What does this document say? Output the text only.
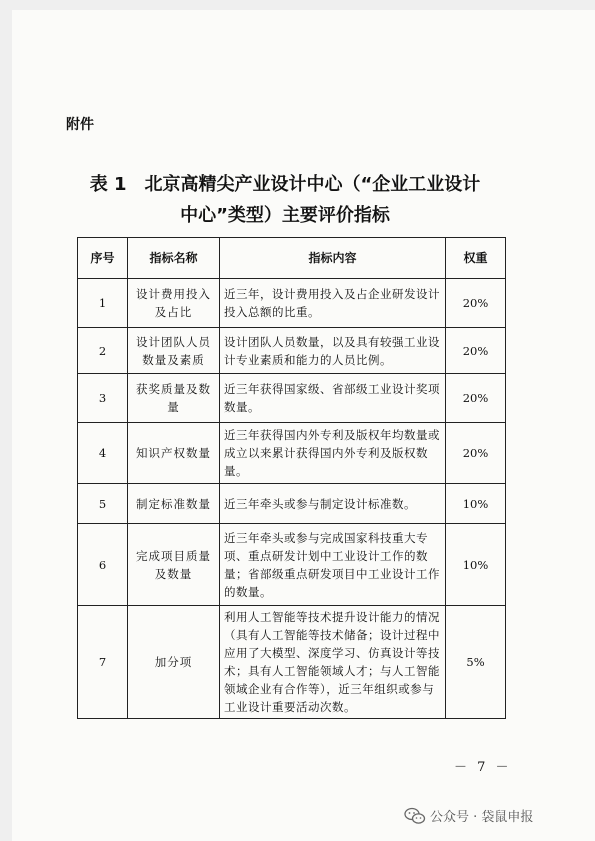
附件
表 1　北京高精尖产业设计中心（“企业工业设计
中心”类型）主要评价指标
序号	指标名称	指标内容	权重
1	设计费用投入及占比	近三年，设计费用投入及占企业研发设计投入总额的比重。	20%
2	设计团队人员数量及素质	设计团队人员数量，以及具有较强工业设计专业素质和能力的人员比例。	20%
3	获奖质量及数量	近三年获得国家级、省部级工业设计奖项数量。	20%
4	知识产权数量	近三年获得国内外专利及版权年均数量或成立以来累计获得国内外专利及版权数量。	20%
5	制定标准数量	近三年牵头或参与制定设计标准数。	10%
6	完成项目质量及数量	近三年牵头或参与完成国家科技重大专项、重点研发计划中工业设计工作的数量；省部级重点研发项目中工业设计工作的数量。	10%
7	加分项	利用人工智能等技术提升设计能力的情况（具有人工智能等技术储备；设计过程中应用了大模型、深度学习、仿真设计等技术；具有人工智能领域人才；与人工智能领域企业有合作等），近三年组织或参与工业设计重要活动次数。	5%
－ 7 －
公众号 · 袋鼠申报
